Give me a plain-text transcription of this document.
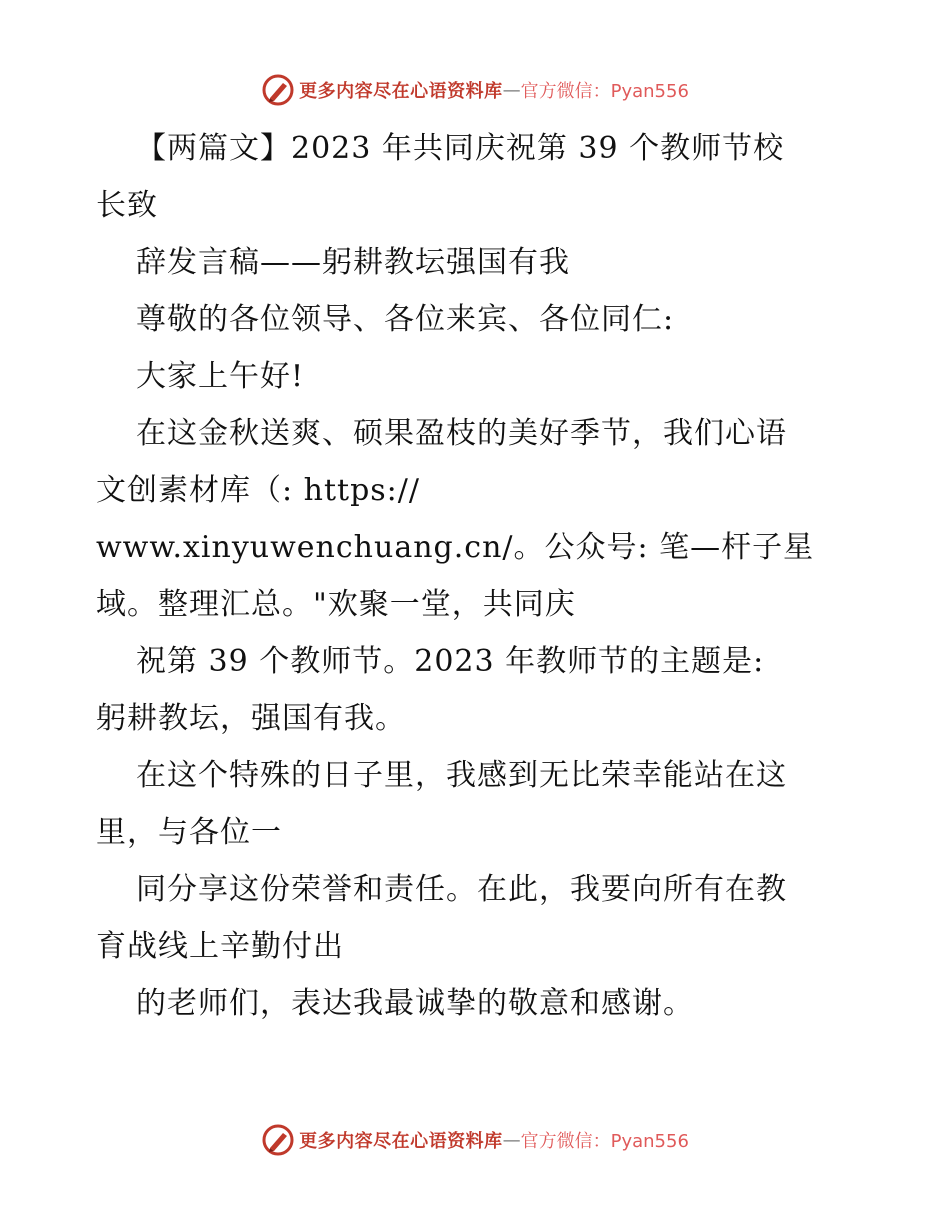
更多内容尽在心语资料库 — 官方微信：Pyan556
【两篇文】2023 年共同庆祝第 39 个教师节校
长致
辞发言稿——躬耕教坛强国有我
尊敬的各位领导、各位来宾、各位同仁:
大家上午好!
在这金秋送爽、硕果盈枝的美好季节，我们心语
文创素材库（: https://
www.xinyuwenchuang.cn/。公众号: 笔—杆子星
域。整理汇总。"欢聚一堂，共同庆
祝第 39 个教师节。2023 年教师节的主题是:
躬耕教坛，强国有我。
在这个特殊的日子里，我感到无比荣幸能站在这
里，与各位一
同分享这份荣誉和责任。在此，我要向所有在教
育战线上辛勤付出
的老师们，表达我最诚挚的敬意和感谢。
更多内容尽在心语资料库 — 官方微信：Pyan556
